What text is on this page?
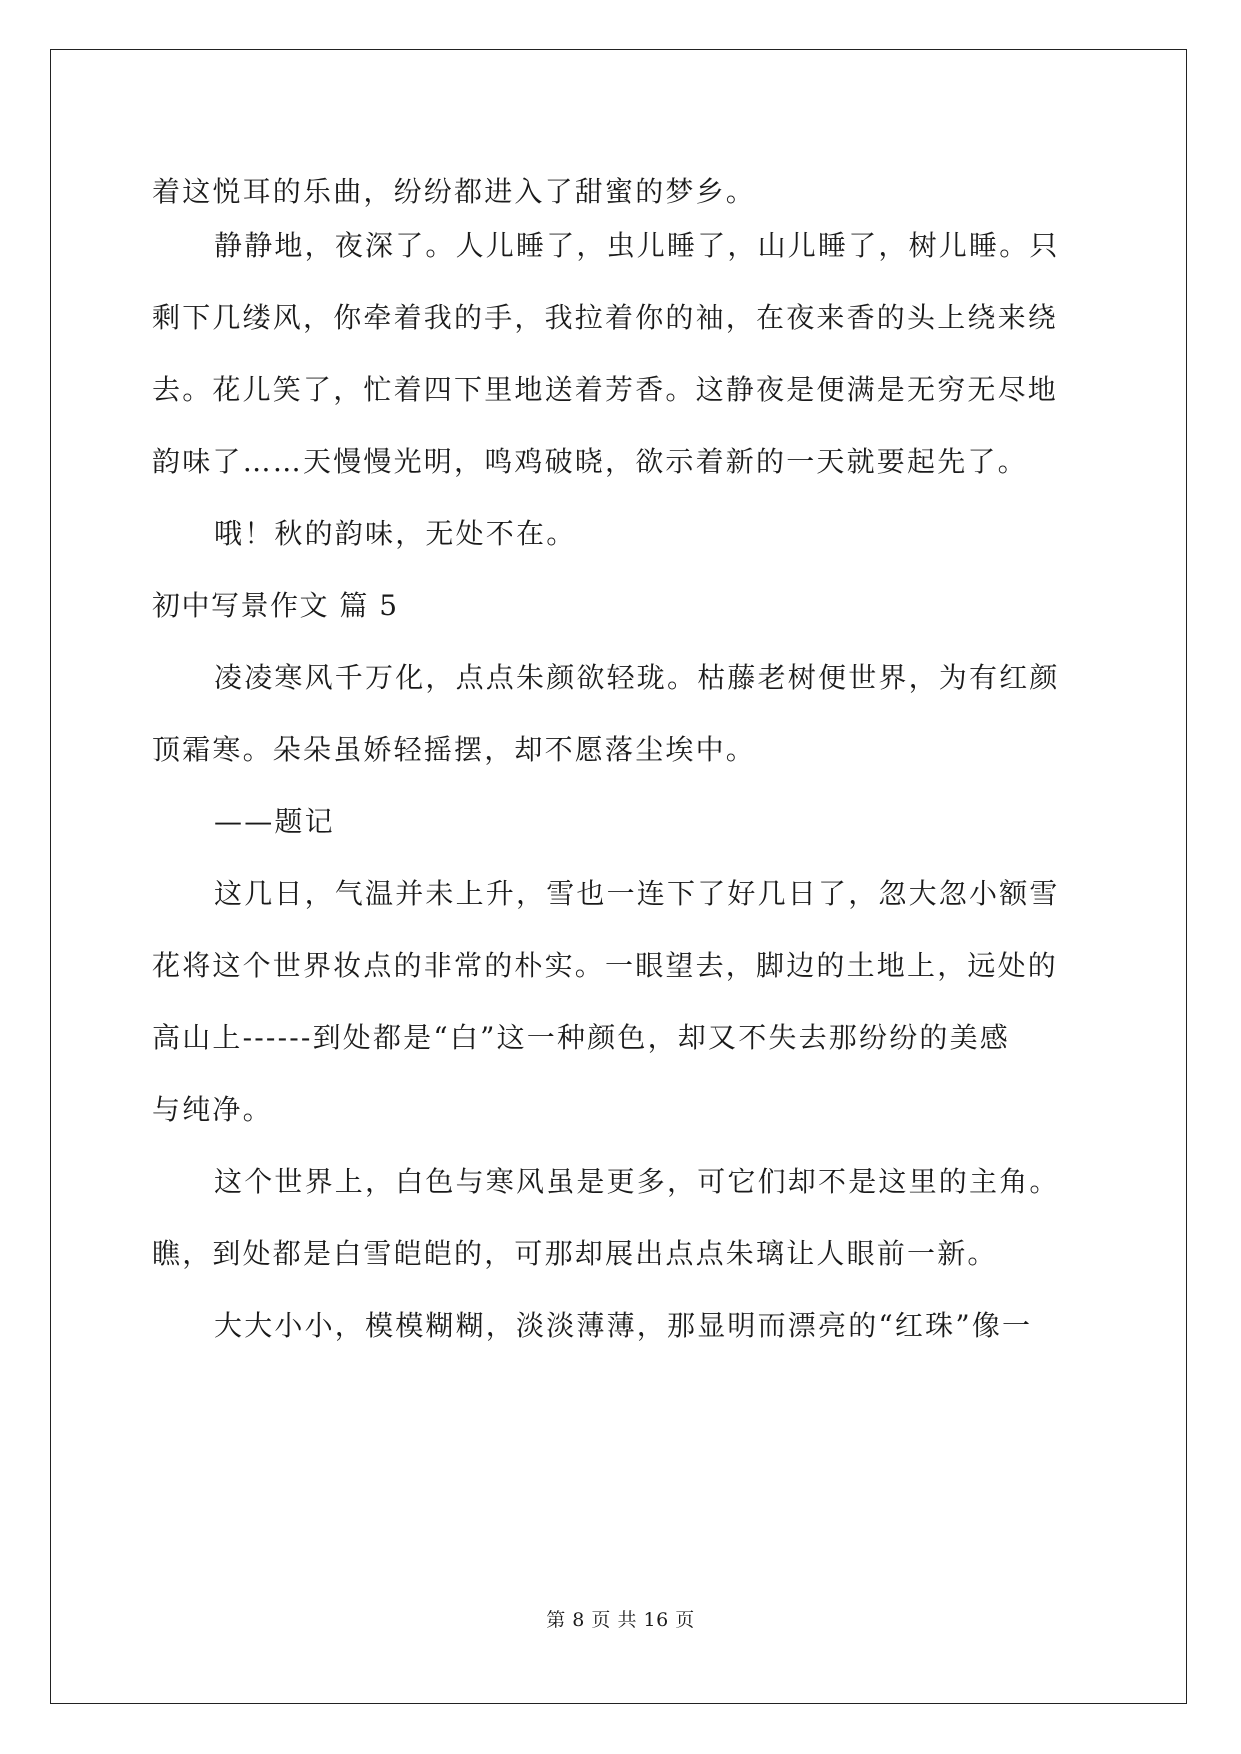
着这悦耳的乐曲，纷纷都进入了甜蜜的梦乡。
静静地，夜深了。人儿睡了，虫儿睡了，山儿睡了，树儿睡。只
剩下几缕风，你牵着我的手，我拉着你的袖，在夜来香的头上绕来绕
去。花儿笑了，忙着四下里地送着芳香。这静夜是便满是无穷无尽地
韵味了……天慢慢光明，鸣鸡破晓，欲示着新的一天就要起先了。
哦！秋的韵味，无处不在。
初中写景作文 篇 5
凌凌寒风千万化，点点朱颜欲轻珑。枯藤老树便世界，为有红颜
顶霜寒。朵朵虽娇轻摇摆，却不愿落尘埃中。
——题记
这几日，气温并未上升，雪也一连下了好几日了，忽大忽小额雪
花将这个世界妆点的非常的朴实。一眼望去，脚边的土地上，远处的
高山上------到处都是“白”这一种颜色，却又不失去那纷纷的美感
与纯净。
这个世界上，白色与寒风虽是更多，可它们却不是这里的主角。
瞧，到处都是白雪皑皑的，可那却展出点点朱璃让人眼前一新。
大大小小，模模糊糊，淡淡薄薄，那显明而漂亮的“红珠”像一
第 8 页 共 16 页
